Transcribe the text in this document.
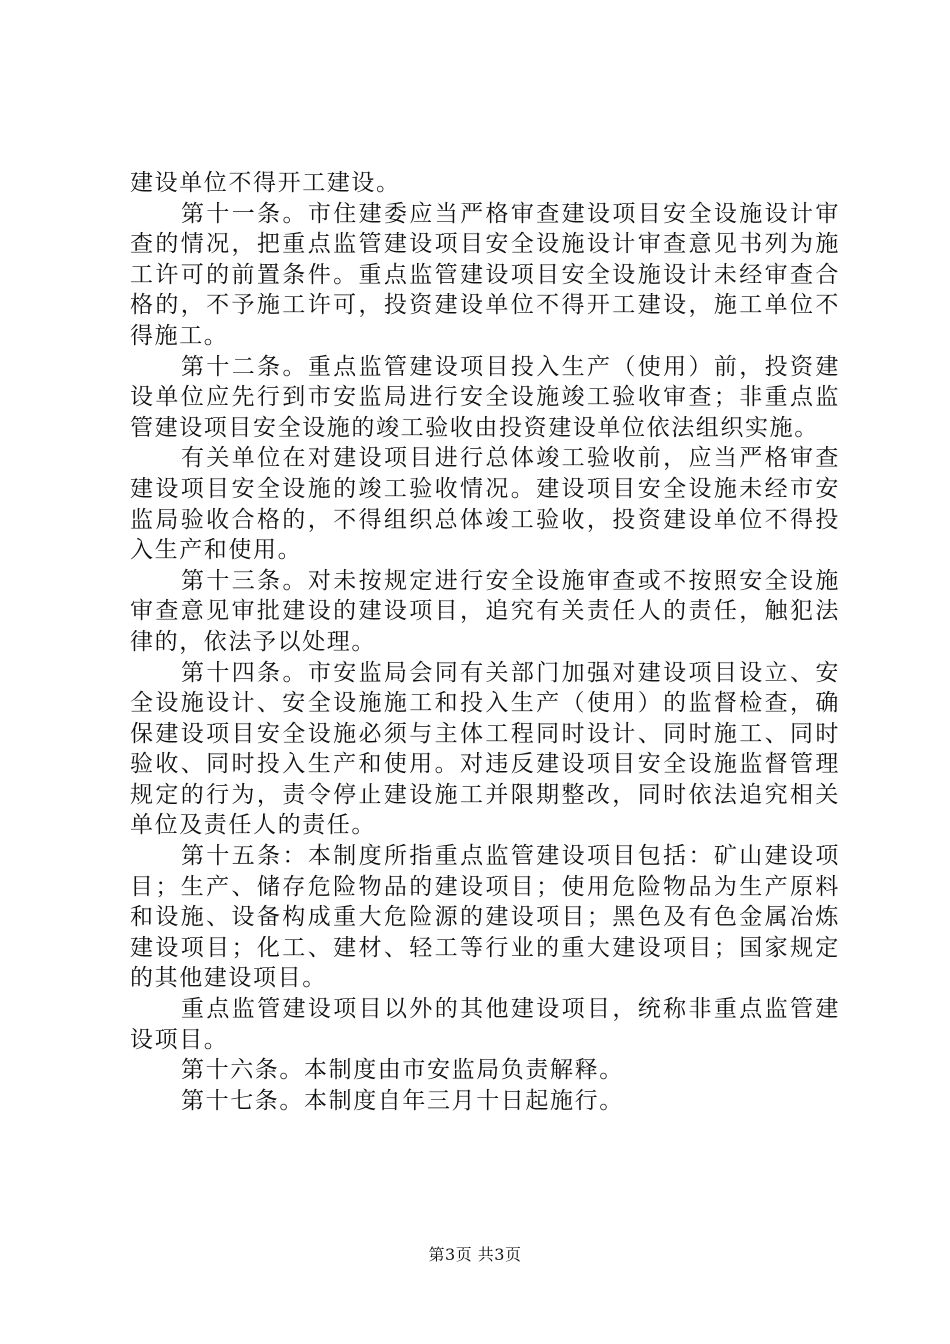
建设单位不得开工建设。

第十一条。市住建委应当严格审查建设项目安全设施设计审查的情况，把重点监管建设项目安全设施设计审查意见书列为施工许可的前置条件。重点监管建设项目安全设施设计未经审查合格的，不予施工许可，投资建设单位不得开工建设，施工单位不得施工。

第十二条。重点监管建设项目投入生产（使用）前，投资建设单位应先行到市安监局进行安全设施竣工验收审查；非重点监管建设项目安全设施的竣工验收由投资建设单位依法组织实施。

有关单位在对建设项目进行总体竣工验收前，应当严格审查建设项目安全设施的竣工验收情况。建设项目安全设施未经市安监局验收合格的，不得组织总体竣工验收，投资建设单位不得投入生产和使用。

第十三条。对未按规定进行安全设施审查或不按照安全设施审查意见审批建设的建设项目，追究有关责任人的责任，触犯法律的，依法予以处理。

第十四条。市安监局会同有关部门加强对建设项目设立、安全设施设计、安全设施施工和投入生产（使用）的监督检查，确保建设项目安全设施必须与主体工程同时设计、同时施工、同时验收、同时投入生产和使用。对违反建设项目安全设施监督管理规定的行为，责令停止建设施工并限期整改，同时依法追究相关单位及责任人的责任。

第十五条：本制度所指重点监管建设项目包括：矿山建设项目；生产、储存危险物品的建设项目；使用危险物品为生产原料和设施、设备构成重大危险源的建设项目；黑色及有色金属冶炼建设项目；化工、建材、轻工等行业的重大建设项目；国家规定的其他建设项目。

重点监管建设项目以外的其他建设项目，统称非重点监管建设项目。

第十六条。本制度由市安监局负责解释。

第十七条。本制度自年三月十日起施行。

第3页 共3页
